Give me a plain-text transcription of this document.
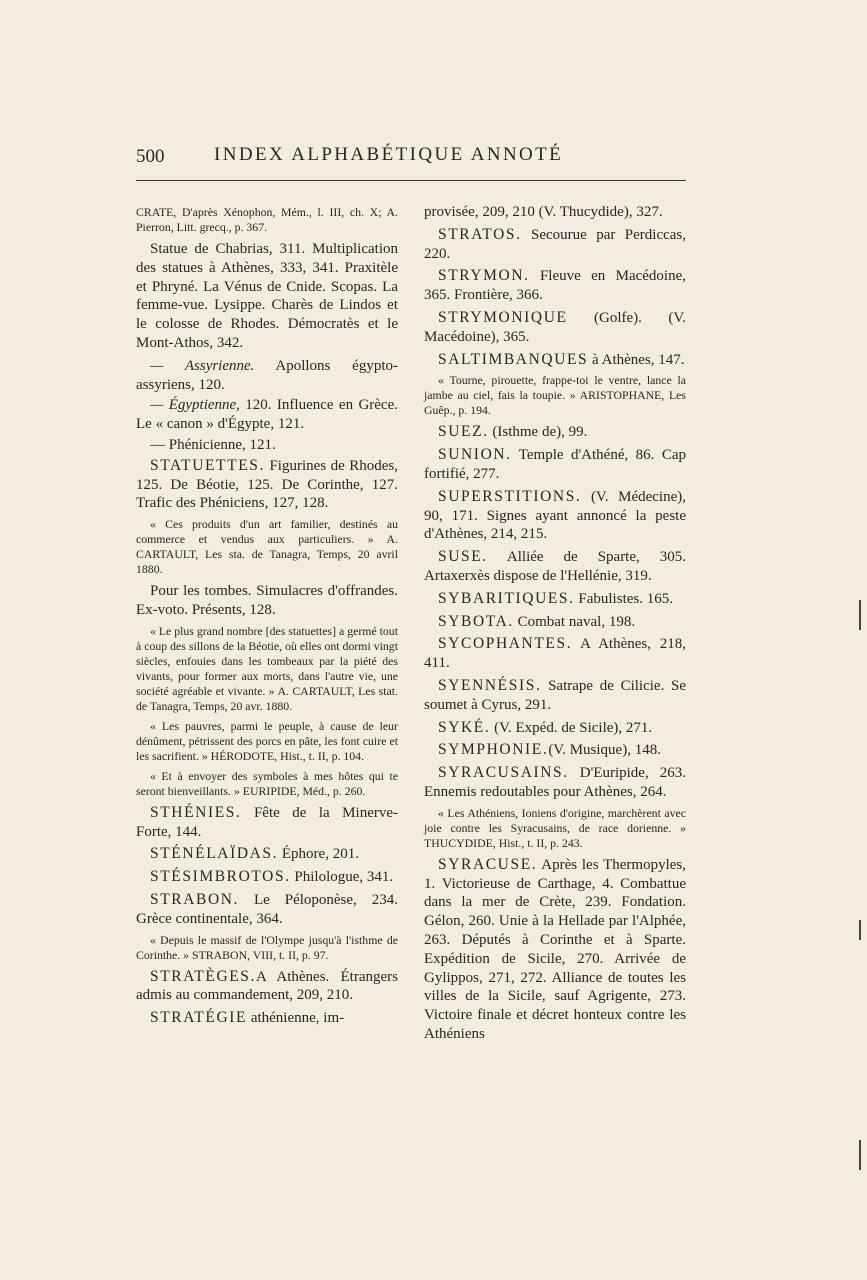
500	INDEX ALPHABÉTIQUE ANNOTÉ

CRATE, D'après Xénophon, Mém., l. III, ch. X; A. Pierron, Litt. grecq., p. 367.

Statue de Chabrias, 311. Multiplication des statues à Athènes, 333, 341. Praxitèle et Phryné. La Vénus de Cnide. Scopas. La femme-vue. Lysippe. Charès de Lindos et le colosse de Rhodes. Démocratès et le Mont-Athos, 342.

— Assyrienne. Apollons égypto-assyriens, 120.

— Égyptienne, 120. Influence en Grèce. Le « canon » d'Égypte, 121.

— Phénicienne, 121.

STATUETTES. Figurines de Rhodes, 125. De Béotie, 125. De Corinthe, 127. Trafic des Phéniciens, 127, 128.

« Ces produits d'un art familier, destinés au commerce et vendus aux particuliers. » A. CARTAULT, Les sta. de Tanagra, Temps, 20 avril 1880.

Pour les tombes. Simulacres d'offrandes. Ex-voto. Présents, 128.

« Le plus grand nombre [des statuettes] a germé tout à coup des sillons de la Béotie, où elles ont dormi vingt siècles, enfouies dans les tombeaux par la piété des vivants, pour former aux morts, dans l'autre vie, une société agréable et vivante. » A. CARTAULT, Les stat. de Tanagra, Temps, 20 avr. 1880.

« Les pauvres, parmi le peuple, à cause de leur dénûment, pétrissent des porcs en pâte, les font cuire et les sacrifient. » HÉRODOTE, Hist., t. II, p. 104.

« Et à envoyer des symboles à mes hôtes qui te seront bienveillants. » EURIPIDE, Méd., p. 260.

STHÉNIES. Fête de la Minerve-Forte, 144.

STÉNÉLAÏDAS. Éphore, 201.

STÉSIMBROTOS. Philologue, 341.

STRABON. Le Péloponèse, 234. Grèce continentale, 364.

« Depuis le massif de l'Olympe jusqu'à l'isthme de Corinthe. » STRABON, VIII, t. II, p. 97.

STRATÈGES.A Athènes. Étrangers admis au commandement, 209, 210.

STRATÉGIE athénienne, im-

provisée, 209, 210 (V. Thucydide), 327.

STRATOS. Secourue par Perdiccas, 220.

STRYMON. Fleuve en Macédoine, 365. Frontière, 366.

STRYMONIQUE (Golfe). (V. Macédoine), 365.

SALTIMBANQUES à Athènes, 147.

« Tourne, pirouette, frappe-toi le ventre, lance la jambe au ciel, fais la toupie. » ARISTOPHANE, Les Guêp., p. 194.

SUEZ. (Isthme de), 99.

SUNION. Temple d'Athéné, 86. Cap fortifié, 277.

SUPERSTITIONS. (V. Médecine), 90, 171. Signes ayant annoncé la peste d'Athènes, 214, 215.

SUSE. Alliée de Sparte, 305. Artaxerxès dispose de l'Hellénie, 319.

SYBARITIQUES. Fabulistes. 165.

SYBOTA. Combat naval, 198.

SYCOPHANTES. A Athènes, 218, 411.

SYENNÉSIS. Satrape de Cilicie. Se soumet à Cyrus, 291.

SYKÉ. (V. Expéd. de Sicile), 271.

SYMPHONIE.(V. Musique), 148.

SYRACUSAINS. D'Euripide, 263. Ennemis redoutables pour Athènes, 264.

« Les Athéniens, Ioniens d'origine, marchèrent avec joie contre les Syracusains, de race dorienne. » THUCYDIDE, Hist., t. II, p. 243.

SYRACUSE. Après les Thermopyles, 1. Victorieuse de Carthage, 4. Combattue dans la mer de Crète, 239. Fondation. Gélon, 260. Unie à la Hellade par l'Alphée, 263. Députés à Corinthe et à Sparte. Expédition de Sicile, 270. Arrivée de Gylippos, 271, 272. Alliance de toutes les villes de la Sicile, sauf Agrigente, 273. Victoire finale et décret honteux contre les Athéniens
